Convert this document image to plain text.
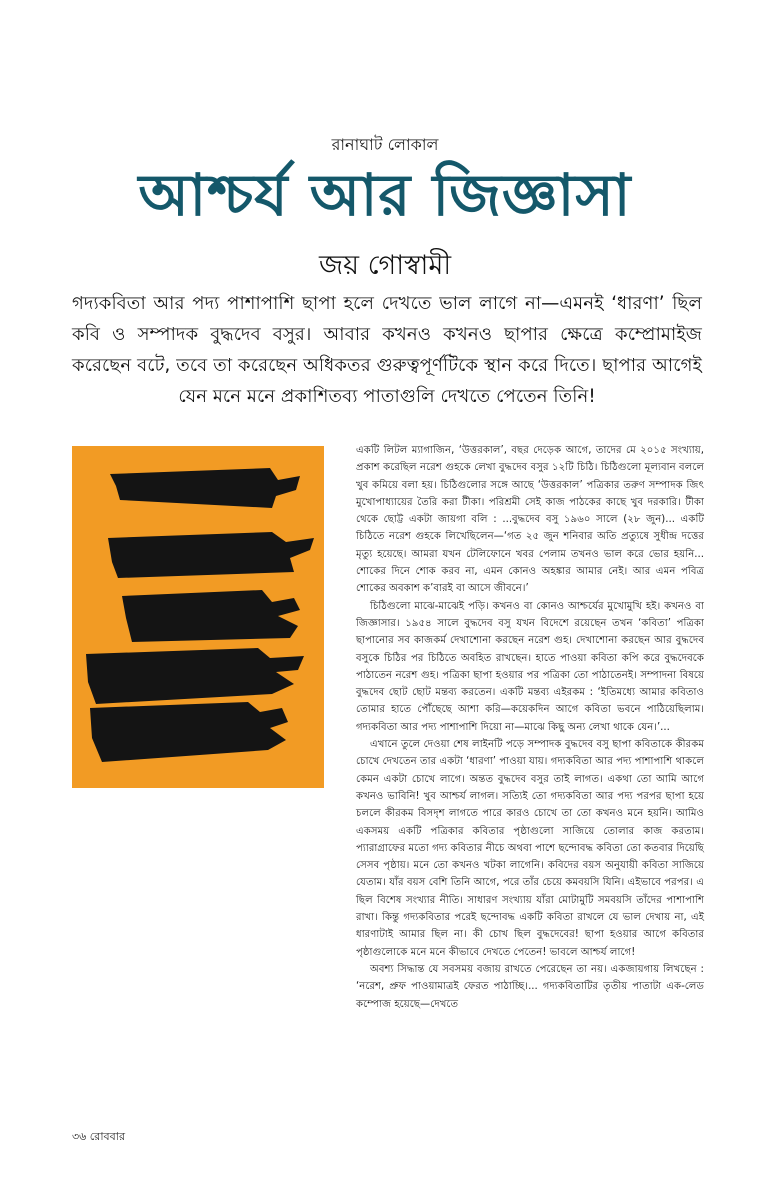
রানাঘাট লোকাল
আশ্চর্য আর জিজ্ঞাসা
জয় গোস্বামী
গদ্যকবিতা আর পদ্য পাশাপাশি ছাপা হলে দেখতে ভাল লাগে না—এমনই ‘ধারণা’ ছিল কবি ও সম্পাদক বুদ্ধদেব বসুর। আবার কখনও কখনও ছাপার ক্ষেত্রে কম্প্রোমাইজ করেছেন বটে, তবে তা করেছেন অধিকতর গুরুত্বপূর্ণটিকে স্থান করে দিতে। ছাপার আগেই যেন মনে মনে প্রকাশিতব্য পাতাগুলি দেখতে পেতেন তিনি!

একটি লিটল ম্যাগাজিন, ‘উত্তরকাল’, বছর দেড়েক আগে, তাদের মে ২০১৫ সংখ্যায়, প্রকাশ করেছিল নরেশ গুহকে লেখা বুদ্ধদেব বসুর ১২টি চিঠি। চিঠিগুলো মূল্যবান বললে খুব কমিয়ে বলা হয়। চিঠিগুলোর সঙ্গে আছে ‘উত্তরকাল’ পত্রিকার তরুণ সম্পাদক জিৎ মুখোপাধ্যায়ের তৈরি করা টীকা। পরিশ্রমী সেই কাজ পাঠকের কাছে খুব দরকারি। টীকা থেকে ছোট্ট একটা জায়গা বলি : ...বুদ্ধদেব বসু ১৯৬০ সালে (২৮ জুন)... একটি চিঠিতে নরেশ গুহকে লিখেছিলেন—‘গত ২৫ জুন শনিবার অতি প্রত্যুষে সুধীন্দ্র দত্তের মৃত্যু হয়েছে। আমরা যখন টেলিফোনে খবর পেলাম তখনও ভাল করে ভোর হয়নি... শোকের দিনে শোক করব না, এমন কোনও অহঙ্কার আমার নেই। আর এমন পবিত্র শোকের অবকাশ ক’বারই বা আসে জীবনে।’

চিঠিগুলো মাঝে-মাঝেই পড়ি। কখনও বা কোনও আশ্চর্যের মুখোমুখি হই। কখনও বা জিজ্ঞাসার। ১৯৫৪ সালে বুদ্ধদেব বসু যখন বিদেশে রয়েছেন তখন ‘কবিতা’ পত্রিকা ছাপানোর সব কাজকর্ম দেখাশোনা করছেন নরেশ গুহ। দেখাশোনা করছেন আর বুদ্ধদেব বসুকে চিঠির পর চিঠিতে অবহিত রাখছেন। হাতে পাওয়া কবিতা কপি করে বুদ্ধদেবকে পাঠাতেন নরেশ গুহ। পত্রিকা ছাপা হওয়ার পর পত্রিকা তো পাঠাতেনই। সম্পাদনা বিষয়ে বুদ্ধদেব ছোট ছোট মন্তব্য করতেন। একটি মন্তব্য এইরকম : ‘ইতিমধ্যে আমার কবিতাও তোমার হাতে পৌঁছেছে আশা করি—কয়েকদিন আগে কবিতা ভবনে পাঠিয়েছিলাম। গদ্যকবিতা আর পদ্য পাশাপাশি দিয়ো না—মাঝে কিছু অন্য লেখা থাকে যেন।’...

এখানে তুলে দেওয়া শেষ লাইনটি পড়ে সম্পাদক বুদ্ধদেব বসু ছাপা কবিতাকে কীরকম চোখে দেখতেন তার একটা ‘ধারণা’ পাওয়া যায়। গদ্যকবিতা আর পদ্য পাশাপাশি থাকলে কেমন একটা চোখে লাগে। অন্তত বুদ্ধদেব বসুর তাই লাগত। একথা তো আমি আগে কখনও ভাবিনি! খুব আশ্চর্য লাগল। সত্যিই তো গদ্যকবিতা আর পদ্য পরপর ছাপা হয়ে চললে কীরকম বিসদৃশ লাগতে পারে কারও চোখে তা তো কখনও মনে হয়নি। আমিও একসময় একটি পত্রিকার কবিতার পৃষ্ঠাগুলো সাজিয়ে তোলার কাজ করতাম। প্যারাগ্রাফের মতো গদ্য কবিতার নীচে অথবা পাশে ছন্দোবদ্ধ কবিতা তো কতবার দিয়েছি সেসব পৃষ্ঠায়। মনে তো কখনও খটকা লাগেনি। কবিদের বয়স অনুযায়ী কবিতা সাজিয়ে যেতাম। যাঁর বয়স বেশি তিনি আগে, পরে তাঁর চেয়ে কমবয়সি যিনি। এইভাবে পরপর। এ ছিল বিশেষ সংখ্যার নীতি। সাধারণ সংখ্যায় যাঁরা মোটামুটি সমবয়সি তাঁদের পাশাপাশি রাখা। কিন্তু গদ্যকবিতার পরেই ছন্দোবদ্ধ একটি কবিতা রাখলে যে ভাল দেখায় না, এই ধারণাটাই আমার ছিল না। কী চোখ ছিল বুদ্ধদেবের! ছাপা হওয়ার আগে কবিতার পৃষ্ঠাগুলোকে মনে মনে কীভাবে দেখতে পেতেন! ভাবলে আশ্চর্য লাগে!

অবশ্য সিদ্ধান্ত যে সবসময় বজায় রাখতে পেরেছেন তা নয়। একজায়গায় লিখছেন : ‘নরেশ, প্রুফ পাওয়ামাত্রই ফেরত পাঠাচ্ছি।... গদ্যকবিতাটির তৃতীয় পাতাটা এক-লেড কম্পোজ হয়েছে—দেখতে

৩৬ রোববার
